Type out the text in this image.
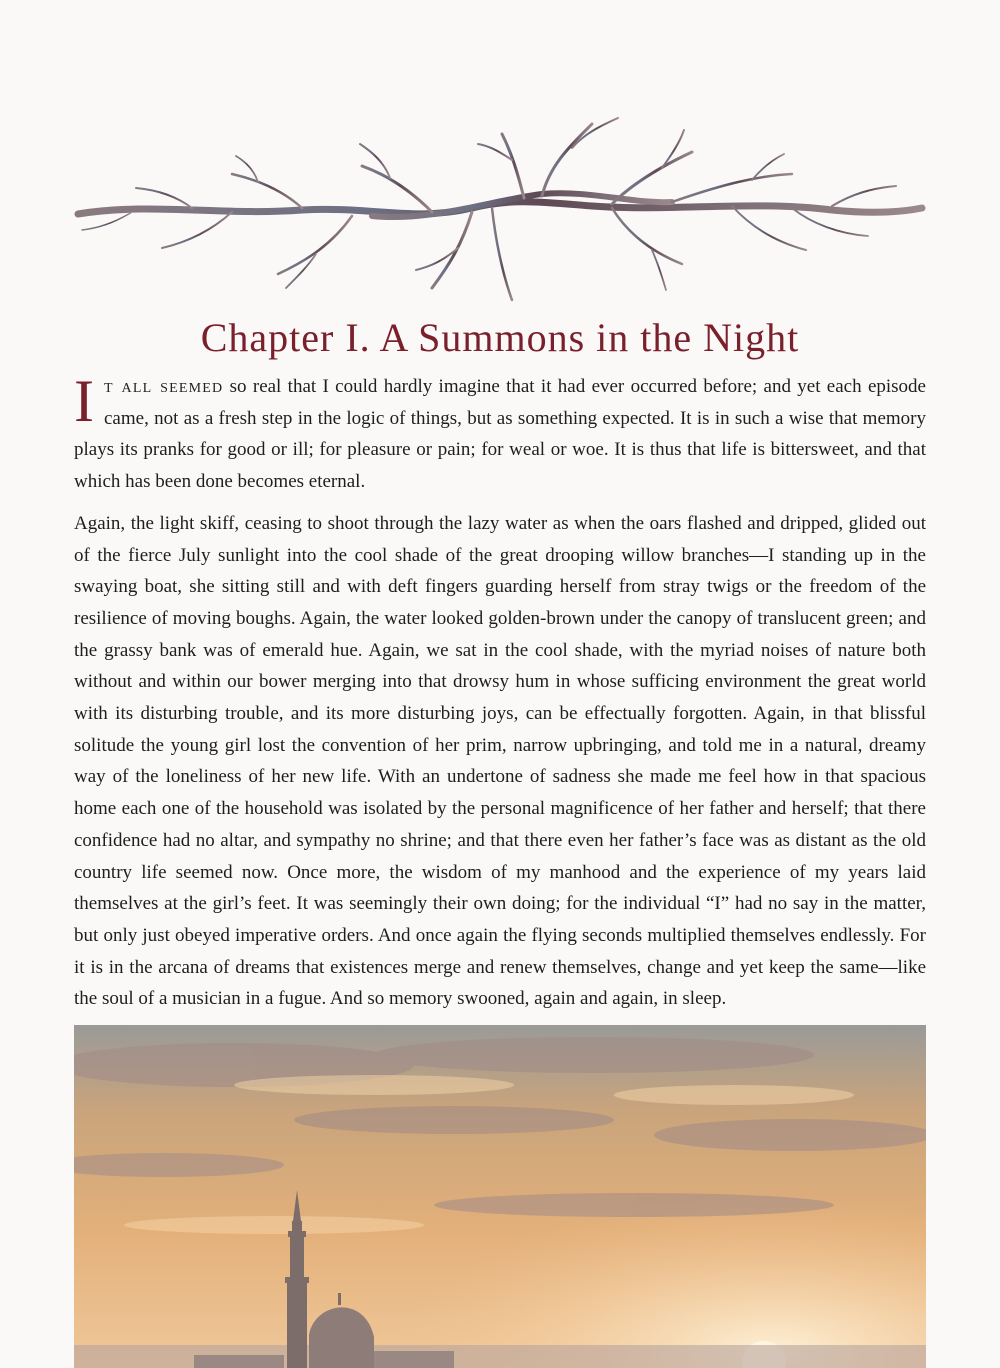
Chapter I. A Summons in the Night

It all seemed so real that I could hardly imagine that it had ever occurred before; and yet each episode came, not as a fresh step in the logic of things, but as something expected. It is in such a wise that memory plays its pranks for good or ill; for pleasure or pain; for weal or woe. It is thus that life is bittersweet, and that which has been done becomes eternal.

Again, the light skiff, ceasing to shoot through the lazy water as when the oars flashed and dripped, glided out of the fierce July sunlight into the cool shade of the great drooping willow branches—I standing up in the swaying boat, she sitting still and with deft fingers guarding herself from stray twigs or the freedom of the resilience of moving boughs. Again, the water looked golden-brown under the canopy of translucent green; and the grassy bank was of emerald hue. Again, we sat in the cool shade, with the myriad noises of nature both without and within our bower merging into that drowsy hum in whose sufficing environment the great world with its disturbing trouble, and its more disturbing joys, can be effectually forgotten. Again, in that blissful solitude the young girl lost the convention of her prim, narrow upbringing, and told me in a natural, dreamy way of the loneliness of her new life. With an undertone of sadness she made me feel how in that spacious home each one of the household was isolated by the personal magnificence of her father and herself; that there confidence had no altar, and sympathy no shrine; and that there even her father’s face was as distant as the old country life seemed now. Once more, the wisdom of my manhood and the experience of my years laid themselves at the girl’s feet. It was seemingly their own doing; for the individual “I” had no say in the matter, but only just obeyed imperative orders. And once again the flying seconds multiplied themselves endlessly. For it is in the arcana of dreams that existences merge and renew themselves, change and yet keep the same—like the soul of a musician in a fugue. And so memory swooned, again and again, in sleep.
